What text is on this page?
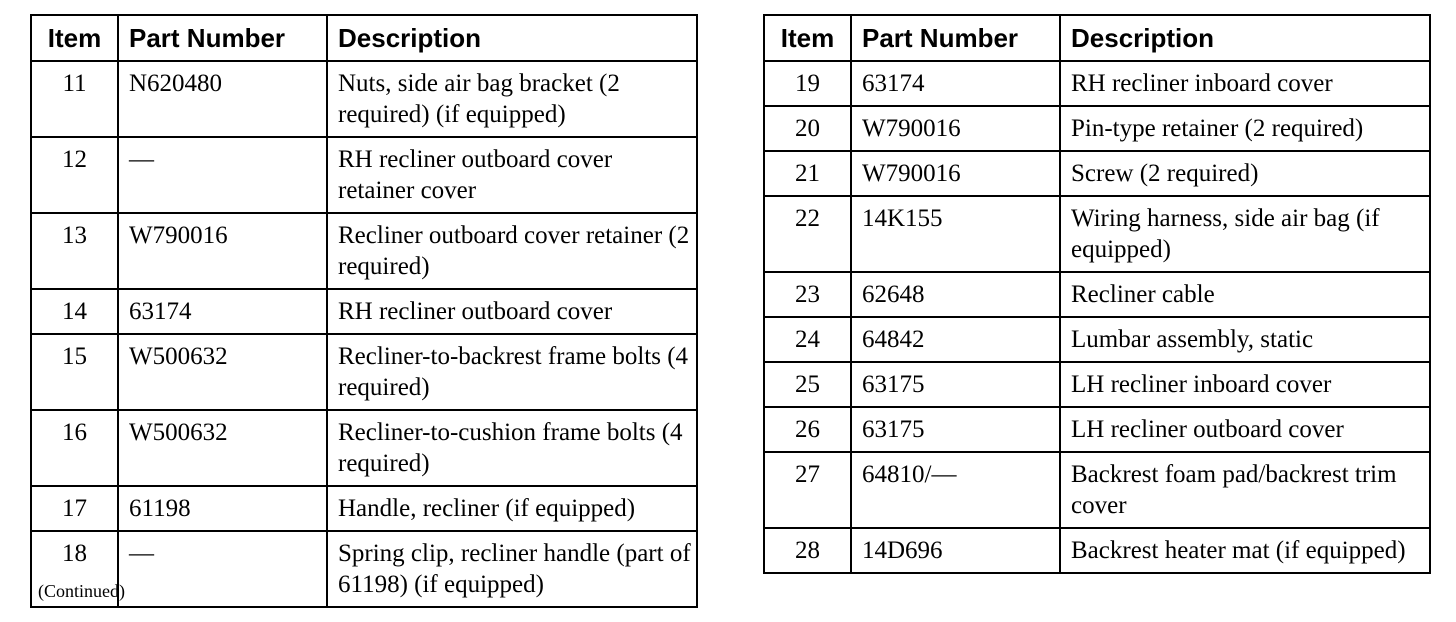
Item	Part Number	Description
11	N620480	Nuts, side air bag bracket (2 required) (if equipped)
12	—	RH recliner outboard cover retainer cover
13	W790016	Recliner outboard cover retainer (2 required)
14	63174	RH recliner outboard cover
15	W500632	Recliner-to-backrest frame bolts (4 required)
16	W500632	Recliner-to-cushion frame bolts (4 required)
17	61198	Handle, recliner (if equipped)
18	—	Spring clip, recliner handle (part of 61198) (if equipped)
Item	Part Number	Description
19	63174	RH recliner inboard cover
20	W790016	Pin-type retainer (2 required)
21	W790016	Screw (2 required)
22	14K155	Wiring harness, side air bag (if equipped)
23	62648	Recliner cable
24	64842	Lumbar assembly, static
25	63175	LH recliner inboard cover
26	63175	LH recliner outboard cover
27	64810/—	Backrest foam pad/backrest trim cover
28	14D696	Backrest heater mat (if equipped)
(Continued)
